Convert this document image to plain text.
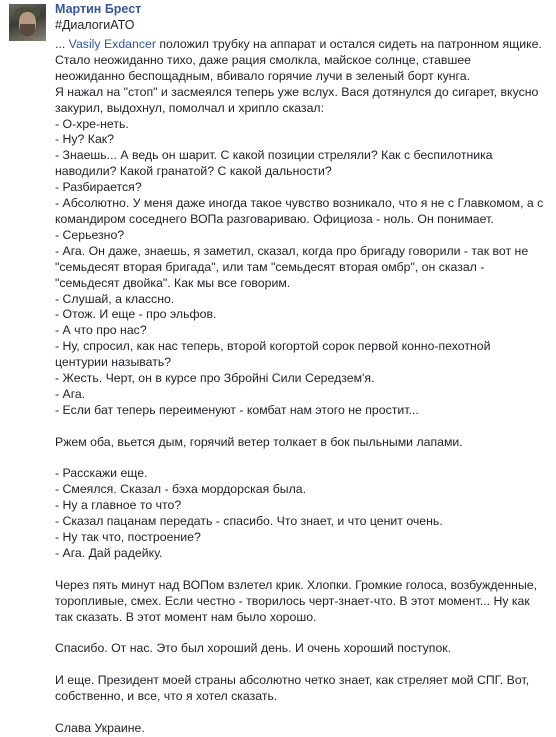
Мартин Брест
#ДиалогиАТО
... Vasily Exdancer положил трубку на аппарат и остался сидеть на патронном ящике.
Стало неожиданно тихо, даже рация смолкла, майское солнце, ставшее
неожиданно беспощадным, вбивало горячие лучи в зеленый борт кунга.
Я нажал на "стоп" и засмеялся теперь уже вслух. Вася дотянулся до сигарет, вкусно
закурил, выдохнул, помолчал и хрипло сказал:
- О-хре-неть.
- Ну? Как?
- Знаешь... А ведь он шарит. С какой позиции стреляли? Как с беспилотника
наводили? Какой гранатой? С какой дальности?
- Разбирается?
- Абсолютно. У меня даже иногда такое чувство возникало, что я не с Главкомом, а с
командиром соседнего ВОПа разговариваю. Официоза - ноль. Он понимает.
- Серьезно?
- Ага. Он даже, знаешь, я заметил, сказал, когда про бригаду говорили - так вот не
"семьдесят вторая бригада", или там "семьдесят вторая омбр", он сказал -
"семьдесят двойка". Как мы все говорим.
- Слушай, а классно.
- Отож. И еще - про эльфов.
- А что про нас?
- Ну, спросил, как нас теперь, второй когортой сорок первой конно-пехотной
центурии называть?
- Жесть. Черт, он в курсе про Збройні Сили Середзем'я.
- Ага.
- Если бат теперь переименуют - комбат нам этого не простит...
Ржем оба, вьется дым, горячий ветер толкает в бок пыльными лапами.
- Расскажи еще.
- Смеялся. Сказал - бэха мордорская была.
- Ну а главное то что?
- Сказал пацанам передать - спасибо. Что знает, и что ценит очень.
- Ну так что, построение?
- Ага. Дай радейку.
Через пять минут над ВОПом взлетел крик. Хлопки. Громкие голоса, возбужденные,
торопливые, смех. Если честно - творилось черт-знает-что. В этот момент... Ну как
так сказать. В этот момент нам было хорошо.
Спасибо. От нас. Это был хороший день. И очень хороший поступок.
И еще. Президент моей страны абсолютно четко знает, как стреляет мой СПГ. Вот,
собственно, и все, что я хотел сказать.
Слава Украине.
